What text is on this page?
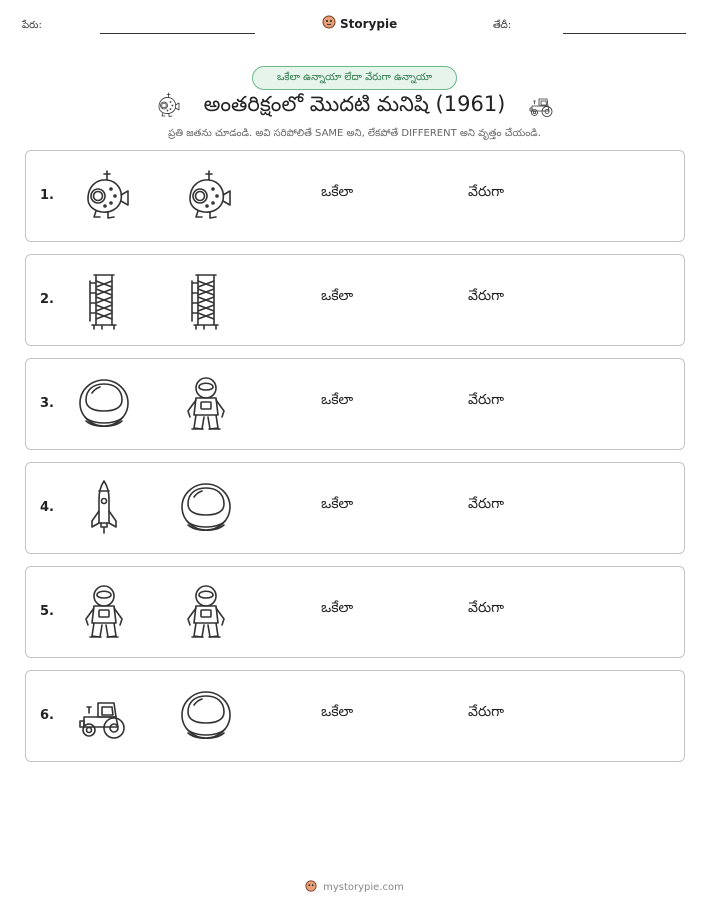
పేరు:	Storypie	తేదీ:
ఒకేలా ఉన్నాయా లేదా వేరుగా ఉన్నాయా
అంతరిక్షంలో మొదటి మనిషి (1961)
ప్రతి జతను చూడండి. అవి సరిపోలితే SAME అని, లేకపోతే DIFFERENT అని వృత్తం చేయండి.
1.	ఒకేలా	వేరుగా
2.	ఒకేలా	వేరుగా
3.	ఒకేలా	వేరుగా
4.	ఒకేలా	వేరుగా
5.	ఒకేలా	వేరుగా
6.	ఒకేలా	వేరుగా
mystorypie.com
